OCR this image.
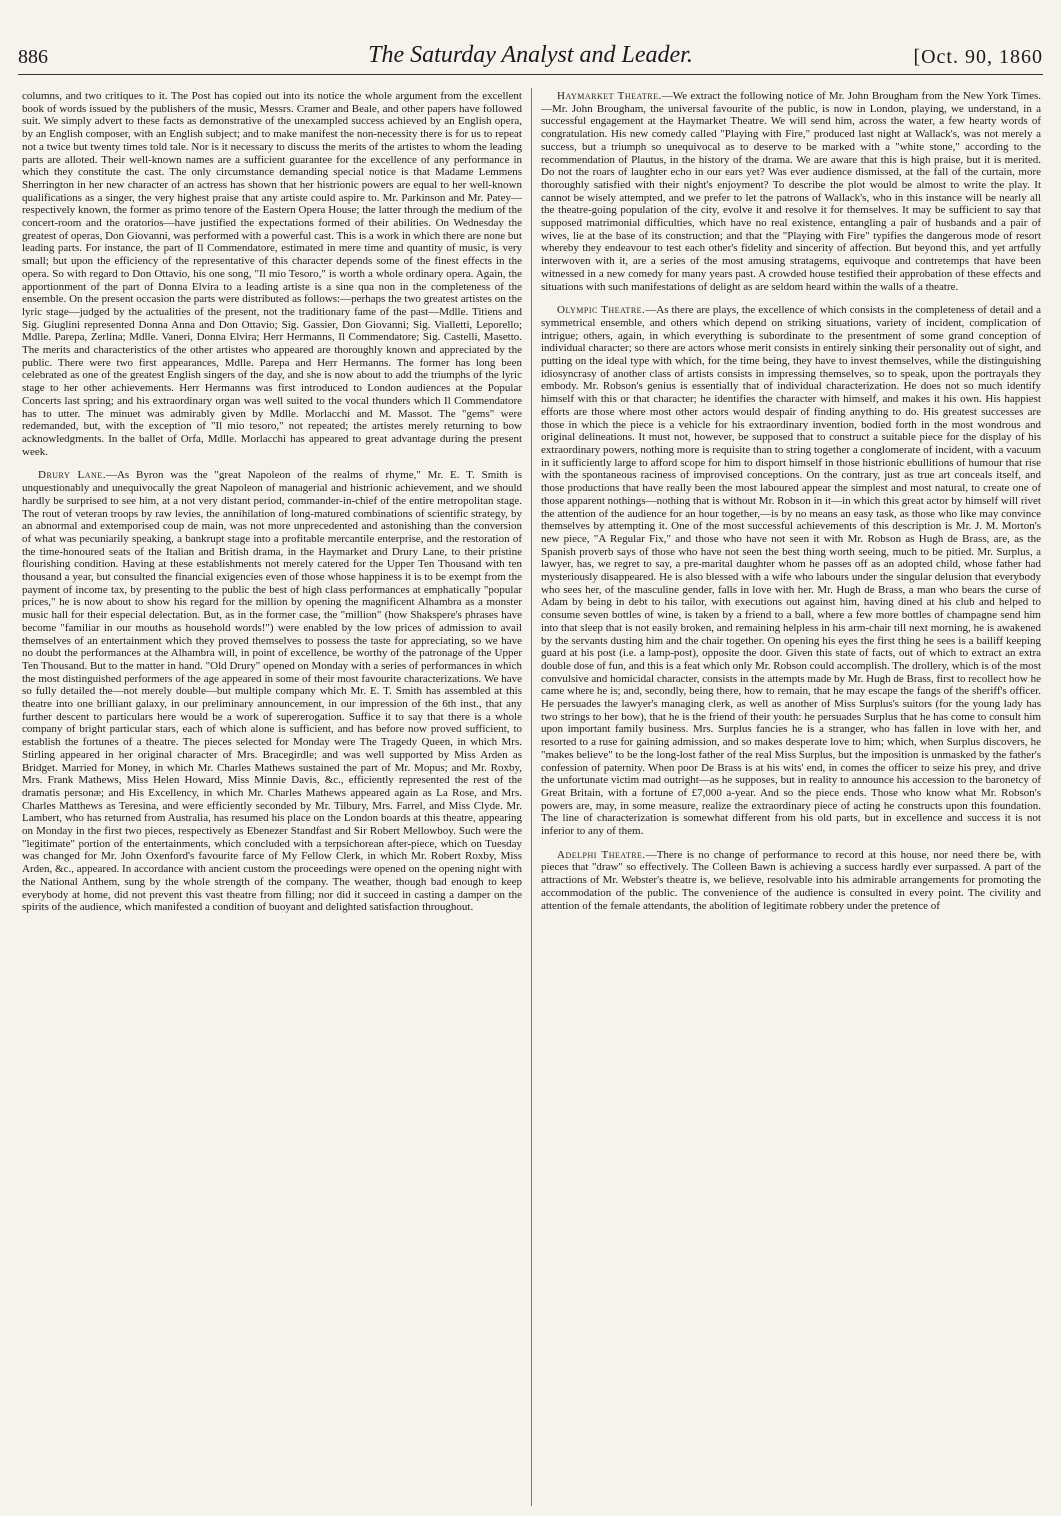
886	The Saturday Analyst and Leader.	[Oct. 90, 1860

columns, and two critiques to it. The Post has copied out into its notice the whole argument from the excellent book of words issued by the publishers of the music, Messrs. Cramer and Beale, and other papers have followed suit. We simply advert to these facts as demonstrative of the unexampled success achieved by an English opera, by an English composer, with an English subject; and to make manifest the non-necessity there is for us to repeat not a twice but twenty times told tale. Nor is it necessary to discuss the merits of the artistes to whom the leading parts are alloted. Their well-known names are a sufficient guarantee for the excellence of any performance in which they constitute the cast. The only circumstance demanding special notice is that Madame Lemmens Sherrington in her new character of an actress has shown that her histrionic powers are equal to her well-known qualifications as a singer, the very highest praise that any artiste could aspire to. Mr. Parkinson and Mr. Patey—respectively known, the former as primo tenore of the Eastern Opera House; the latter through the medium of the concert-room and the oratorios—have justified the expectations formed of their abilities. On Wednesday the greatest of operas, Don Giovanni, was performed with a powerful cast. This is a work in which there are none but leading parts. For instance, the part of Il Commendatore, estimated in mere time and quantity of music, is very small; but upon the efficiency of the representative of this character depends some of the finest effects in the opera. So with regard to Don Ottavio, his one song, "Il mio Tesoro," is worth a whole ordinary opera. Again, the apportionment of the part of Donna Elvira to a leading artiste is a sine qua non in the completeness of the ensemble. On the present occasion the parts were distributed as follows:—perhaps the two greatest artistes on the lyric stage—judged by the actualities of the present, not the traditionary fame of the past—Mdlle. Titiens and Sig. Giuglini represented Donna Anna and Don Ottavio; Sig. Gassier, Don Giovanni; Sig. Vialletti, Leporello; Mdlle. Parepa, Zerlina; Mdlle. Vaneri, Donna Elvira; Herr Hermanns, Il Commendatore; Sig. Castelli, Masetto. The merits and characteristics of the other artistes who appeared are thoroughly known and appreciated by the public. There were two first appearances, Mdlle. Parepa and Herr Hermanns. The former has long been celebrated as one of the greatest English singers of the day, and she is now about to add the triumphs of the lyric stage to her other achievements. Herr Hermanns was first introduced to London audiences at the Popular Concerts last spring; and his extraordinary organ was well suited to the vocal thunders which Il Commendatore has to utter. The minuet was admirably given by Mdlle. Morlacchi and M. Massot. The "gems" were redemanded, but, with the exception of "Il mio tesoro," not repeated; the artistes merely returning to bow acknowledgments. In the ballet of Orfa, Mdlle. Morlacchi has appeared to great advantage during the present week.

Drury Lane.—As Byron was the "great Napoleon of the realms of rhyme," Mr. E. T. Smith is unquestionably and unequivocally the great Napoleon of managerial and histrionic achievement, and we should hardly be surprised to see him, at a not very distant period, commander-in-chief of the entire metropolitan stage. The rout of veteran troops by raw levies, the annihilation of long-matured combinations of scientific strategy, by an abnormal and extemporised coup de main, was not more unprecedented and astonishing than the conversion of what was pecuniarily speaking, a bankrupt stage into a profitable mercantile enterprise, and the restoration of the time-honoured seats of the Italian and British drama, in the Haymarket and Drury Lane, to their pristine flourishing condition. Having at these establishments not merely catered for the Upper Ten Thousand with ten thousand a year, but consulted the financial exigencies even of those whose happiness it is to be exempt from the payment of income tax, by presenting to the public the best of high class performances at emphatically "popular prices," he is now about to show his regard for the million by opening the magnificent Alhambra as a monster music hall for their especial delectation. But, as in the former case, the "million" (how Shakspere's phrases have become "familiar in our mouths as household words!") were enabled by the low prices of admission to avail themselves of an entertainment which they proved themselves to possess the taste for appreciating, so we have no doubt the performances at the Alhambra will, in point of excellence, be worthy of the patronage of the Upper Ten Thousand. But to the matter in hand. "Old Drury" opened on Monday with a series of performances in which the most distinguished performers of the age appeared in some of their most favourite characterizations. We have so fully detailed the—not merely double—but multiple company which Mr. E. T. Smith has assembled at this theatre into one brilliant galaxy, in our preliminary announcement, in our impression of the 6th inst., that any further descent to particulars here would be a work of supererogation. Suffice it to say that there is a whole company of bright particular stars, each of which alone is sufficient, and has before now proved sufficient, to establish the fortunes of a theatre. The pieces selected for Monday were The Tragedy Queen, in which Mrs. Stirling appeared in her original character of Mrs. Bracegirdle; and was well supported by Miss Arden as Bridget. Married for Money, in which Mr. Charles Mathews sustained the part of Mr. Mopus; and Mr. Roxby, Mrs. Frank Mathews, Miss Helen Howard, Miss Minnie Davis, &c., efficiently represented the rest of the dramatis personæ; and His Excellency, in which Mr. Charles Mathews appeared again as La Rose, and Mrs. Charles Matthews as Teresina, and were efficiently seconded by Mr. Tilbury, Mrs. Farrel, and Miss Clyde. Mr. Lambert, who has returned from Australia, has resumed his place on the London boards at this theatre, appearing on Monday in the first two pieces, respectively as Ebenezer Standfast and Sir Robert Mellowboy. Such were the "legitimate" portion of the entertainments, which concluded with a terpsichorean after-piece, which on Tuesday was changed for Mr. John Oxenford's favourite farce of My Fellow Clerk, in which Mr. Robert Roxby, Miss Arden, &c., appeared. In accordance with ancient custom the proceedings were opened on the opening night with the National Anthem, sung by the whole strength of the company. The weather, though bad enough to keep everybody at home, did not prevent this vast theatre from filling; nor did it succeed in casting a damper on the spirits of the audience, which manifested a condition of buoyant and delighted satisfaction throughout.

Haymarket Theatre.—We extract the following notice of Mr. John Brougham from the New York Times.—Mr. John Brougham, the universal favourite of the public, is now in London, playing, we understand, in a successful engagement at the Haymarket Theatre. We will send him, across the water, a few hearty words of congratulation. His new comedy called "Playing with Fire," produced last night at Wallack's, was not merely a success, but a triumph so unequivocal as to deserve to be marked with a "white stone," according to the recommendation of Plautus, in the history of the drama. We are aware that this is high praise, but it is merited. Do not the roars of laughter echo in our ears yet? Was ever audience dismissed, at the fall of the curtain, more thoroughly satisfied with their night's enjoyment? To describe the plot would be almost to write the play. It cannot be wisely attempted, and we prefer to let the patrons of Wallack's, who in this instance will be nearly all the theatre-going population of the city, evolve it and resolve it for themselves. It may be sufficient to say that supposed matrimonial difficulties, which have no real existence, entangling a pair of husbands and a pair of wives, lie at the base of its construction; and that the "Playing with Fire" typifies the dangerous mode of resort whereby they endeavour to test each other's fidelity and sincerity of affection. But beyond this, and yet artfully interwoven with it, are a series of the most amusing stratagems, equivoque and contretemps that have been witnessed in a new comedy for many years past. A crowded house testified their approbation of these effects and situations with such manifestations of delight as are seldom heard within the walls of a theatre.

Olympic Theatre.—As there are plays, the excellence of which consists in the completeness of detail and a symmetrical ensemble, and others which depend on striking situations, variety of incident, complication of intrigue; others, again, in which everything is subordinate to the presentment of some grand conception of individual character; so there are actors whose merit consists in entirely sinking their personality out of sight, and putting on the ideal type with which, for the time being, they have to invest themselves, while the distinguishing idiosyncrasy of another class of artists consists in impressing themselves, so to speak, upon the portrayals they embody. Mr. Robson's genius is essentially that of individual characterization. He does not so much identify himself with this or that character; he identifies the character with himself, and makes it his own. His happiest efforts are those where most other actors would despair of finding anything to do. His greatest successes are those in which the piece is a vehicle for his extraordinary invention, bodied forth in the most wondrous and original delineations. It must not, however, be supposed that to construct a suitable piece for the display of his extraordinary powers, nothing more is requisite than to string together a conglomerate of incident, with a vacuum in it sufficiently large to afford scope for him to disport himself in those histrionic ebullitions of humour that rise with the spontaneous raciness of improvised conceptions. On the contrary, just as true art conceals itself, and those productions that have really been the most laboured appear the simplest and most natural, to create one of those apparent nothings—nothing that is without Mr. Robson in it—in which this great actor by himself will rivet the attention of the audience for an hour together,—is by no means an easy task, as those who like may convince themselves by attempting it. One of the most successful achievements of this description is Mr. J. M. Morton's new piece, "A Regular Fix," and those who have not seen it with Mr. Robson as Hugh de Brass, are, as the Spanish proverb says of those who have not seen the best thing worth seeing, much to be pitied. Mr. Surplus, a lawyer, has, we regret to say, a pre-marital daughter whom he passes off as an adopted child, whose father had mysteriously disappeared. He is also blessed with a wife who labours under the singular delusion that everybody who sees her, of the masculine gender, falls in love with her. Mr. Hugh de Brass, a man who bears the curse of Adam by being in debt to his tailor, with executions out against him, having dined at his club and helped to consume seven bottles of wine, is taken by a friend to a ball, where a few more bottles of champagne send him into that sleep that is not easily broken, and remaining helpless in his arm-chair till next morning, he is awakened by the servants dusting him and the chair together. On opening his eyes the first thing he sees is a bailiff keeping guard at his post (i.e. a lamp-post), opposite the door. Given this state of facts, out of which to extract an extra double dose of fun, and this is a feat which only Mr. Robson could accomplish. The drollery, which is of the most convulsive and homicidal character, consists in the attempts made by Mr. Hugh de Brass, first to recollect how he came where he is; and, secondly, being there, how to remain, that he may escape the fangs of the sheriff's officer. He persuades the lawyer's managing clerk, as well as another of Miss Surplus's suitors (for the young lady has two strings to her bow), that he is the friend of their youth: he persuades Surplus that he has come to consult him upon important family business. Mrs. Surplus fancies he is a stranger, who has fallen in love with her, and resorted to a ruse for gaining admission, and so makes desperate love to him; which, when Surplus discovers, he "makes believe" to be the long-lost father of the real Miss Surplus, but the imposition is unmasked by the father's confession of paternity. When poor De Brass is at his wits' end, in comes the officer to seize his prey, and drive the unfortunate victim mad outright—as he supposes, but in reality to announce his accession to the baronetcy of Great Britain, with a fortune of £7,000 a-year. And so the piece ends. Those who know what Mr. Robson's powers are, may, in some measure, realize the extraordinary piece of acting he constructs upon this foundation. The line of characterization is somewhat different from his old parts, but in excellence and success it is not inferior to any of them.

Adelphi Theatre.—There is no change of performance to record at this house, nor need there be, with pieces that "draw" so effectively. The Colleen Bawn is achieving a success hardly ever surpassed. A part of the attractions of Mr. Webster's theatre is, we believe, resolvable into his admirable arrangements for promoting the accommodation of the public. The convenience of the audience is consulted in every point. The civility and attention of the female attendants, the abolition of legitimate robbery under the pretence of
